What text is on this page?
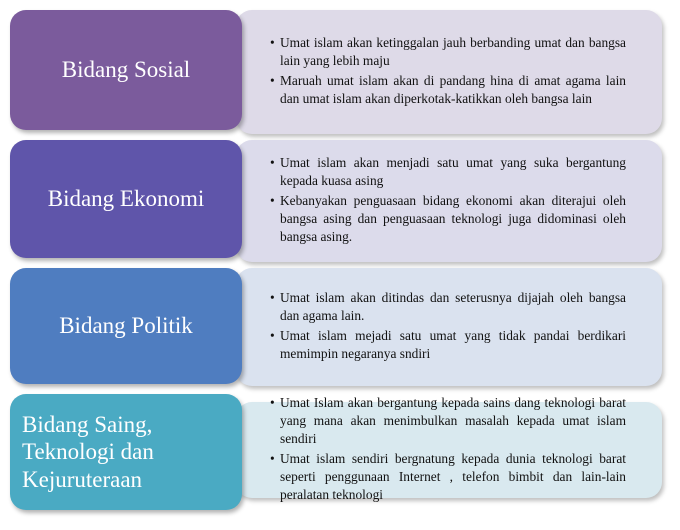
• Umat islam akan ketinggalan jauh berbanding umat dan bangsa lain yang lebih maju
• Maruah umat islam akan di pandang hina di amat agama lain dan umat islam akan diperkotak-katikkan oleh bangsa lain
Bidang Sosial
• Umat islam akan menjadi satu umat yang suka bergantung kepada kuasa asing
• Kebanyakan penguasaan bidang ekonomi akan diterajui oleh bangsa asing dan penguasaan teknologi juga didominasi oleh bangsa asing.
Bidang Ekonomi
• Umat islam akan ditindas dan seterusnya dijajah oleh bangsa dan agama lain.
• Umat islam mejadi satu umat yang tidak pandai berdikari memimpin negaranya sndiri
Bidang Politik
• Umat Islam akan bergantung kepada sains dang teknologi barat yang mana akan menimbulkan masalah kepada umat islam sendiri
• Umat islam sendiri bergnatung kepada dunia teknologi barat seperti penggunaan Internet , telefon bimbit dan lain-lain peralatan teknologi
Bidang Saing, Teknologi dan Kejuruteraan
